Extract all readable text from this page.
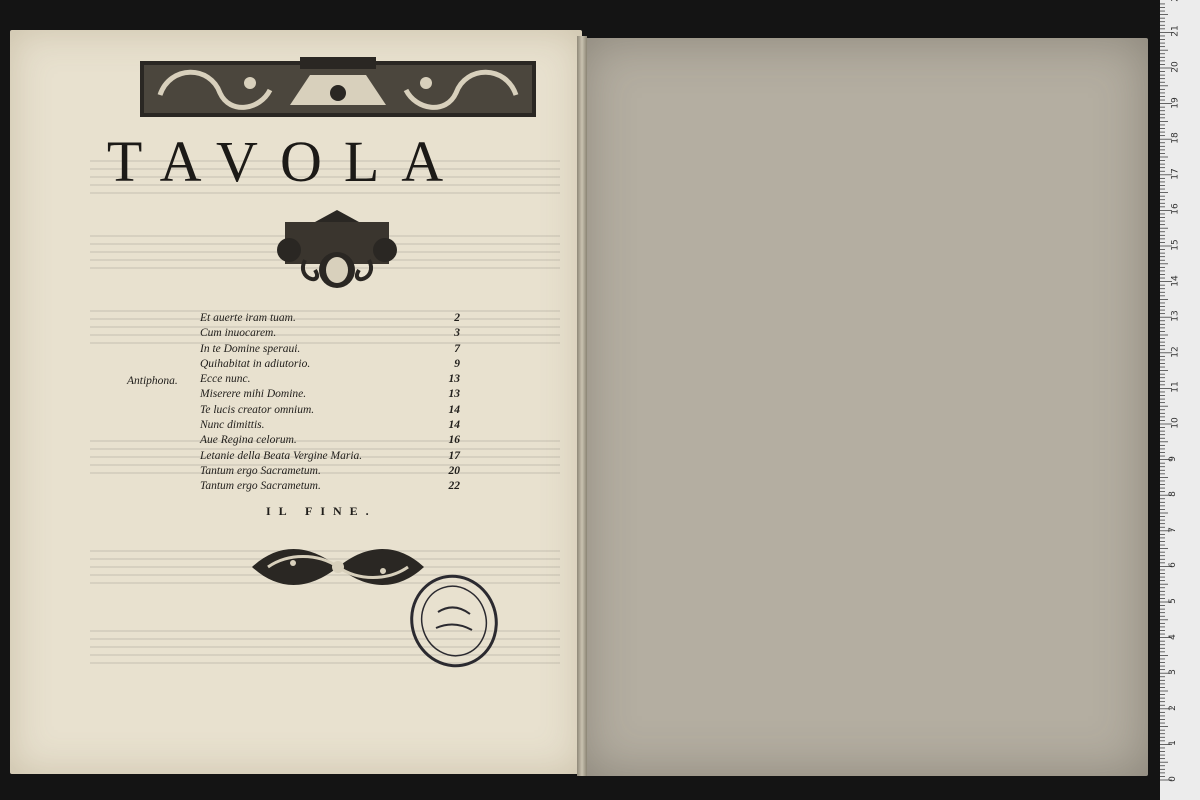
TAVOLA
Antiphona.
Et auerte iram tuam.	2
Cum inuocarem.	3
In te Domine speraui.	7
Quihabitat in adiutorio.	9
Ecce nunc.	13
Miserere mihi Domine.	13
Te lucis creator omnium.	14
Nunc dimittis.	14
Aue Regina celorum.	16
Letanie della Beata Vergine Maria.	17
Tantum ergo Sacrametum.	20
Tantum ergo Sacrametum.	22
IL FINE.
0
1
2
3
4
5
6
7
8
9
10
11
12
13
14
15
16
17
18
19
20
21
